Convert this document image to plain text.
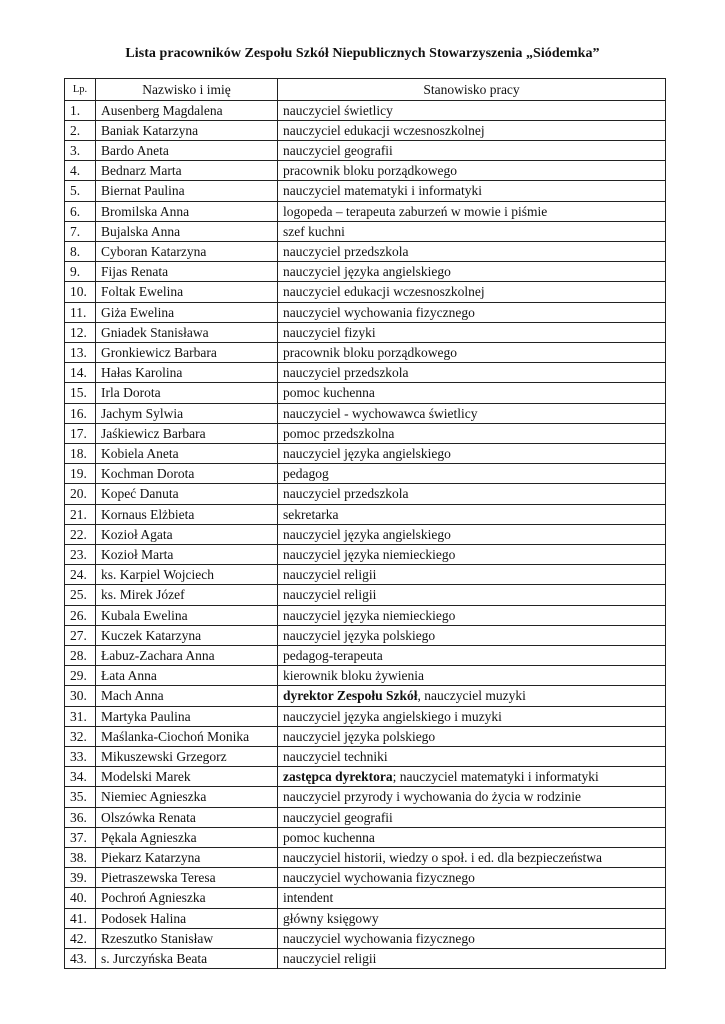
Lista pracowników Zespołu Szkół Niepublicznych Stowarzyszenia „Siódemka”
Lp.	Nazwisko i imię	Stanowisko pracy
1.	Ausenberg Magdalena	nauczyciel świetlicy
2.	Baniak Katarzyna	nauczyciel edukacji wczesnoszkolnej
3.	Bardo Aneta	nauczyciel geografii
4.	Bednarz Marta	pracownik bloku porządkowego
5.	Biernat Paulina	nauczyciel matematyki i informatyki
6.	Bromilska Anna	logopeda – terapeuta zaburzeń w mowie i piśmie
7.	Bujalska Anna	szef kuchni
8.	Cyboran Katarzyna	nauczyciel przedszkola
9.	Fijas Renata	nauczyciel języka angielskiego
10.	Foltak Ewelina	nauczyciel edukacji wczesnoszkolnej
11.	Giża Ewelina	nauczyciel wychowania fizycznego
12.	Gniadek Stanisława	nauczyciel fizyki
13.	Gronkiewicz Barbara	pracownik bloku porządkowego
14.	Hałas Karolina	nauczyciel przedszkola
15.	Irla Dorota	pomoc kuchenna
16.	Jachym Sylwia	nauczyciel - wychowawca świetlicy
17.	Jaśkiewicz Barbara	pomoc przedszkolna
18.	Kobiela Aneta	nauczyciel języka angielskiego
19.	Kochman Dorota	pedagog
20.	Kopeć Danuta	nauczyciel przedszkola
21.	Kornaus Elżbieta	sekretarka
22.	Kozioł Agata	nauczyciel języka angielskiego
23.	Kozioł Marta	nauczyciel języka niemieckiego
24.	ks. Karpiel Wojciech	nauczyciel religii
25.	ks. Mirek Józef	nauczyciel religii
26.	Kubala Ewelina	nauczyciel języka niemieckiego
27.	Kuczek Katarzyna	nauczyciel języka polskiego
28.	Łabuz-Zachara Anna	pedagog-terapeuta
29.	Łata Anna	kierownik bloku żywienia
30.	Mach Anna	dyrektor Zespołu Szkół, nauczyciel muzyki
31.	Martyka Paulina	nauczyciel języka angielskiego i muzyki
32.	Maślanka-Ciochoń Monika	nauczyciel języka polskiego
33.	Mikuszewski Grzegorz	nauczyciel techniki
34.	Modelski Marek	zastępca dyrektora; nauczyciel matematyki i informatyki
35.	Niemiec Agnieszka	nauczyciel przyrody i wychowania do życia w rodzinie
36.	Olszówka Renata	nauczyciel geografii
37.	Pękala Agnieszka	pomoc kuchenna
38.	Piekarz Katarzyna	nauczyciel historii, wiedzy o społ. i ed. dla bezpieczeństwa
39.	Pietraszewska Teresa	nauczyciel wychowania fizycznego
40.	Pochroń Agnieszka	intendent
41.	Podosek Halina	główny księgowy
42.	Rzeszutko Stanisław	nauczyciel wychowania fizycznego
43.	s. Jurczyńska Beata	nauczyciel religii
